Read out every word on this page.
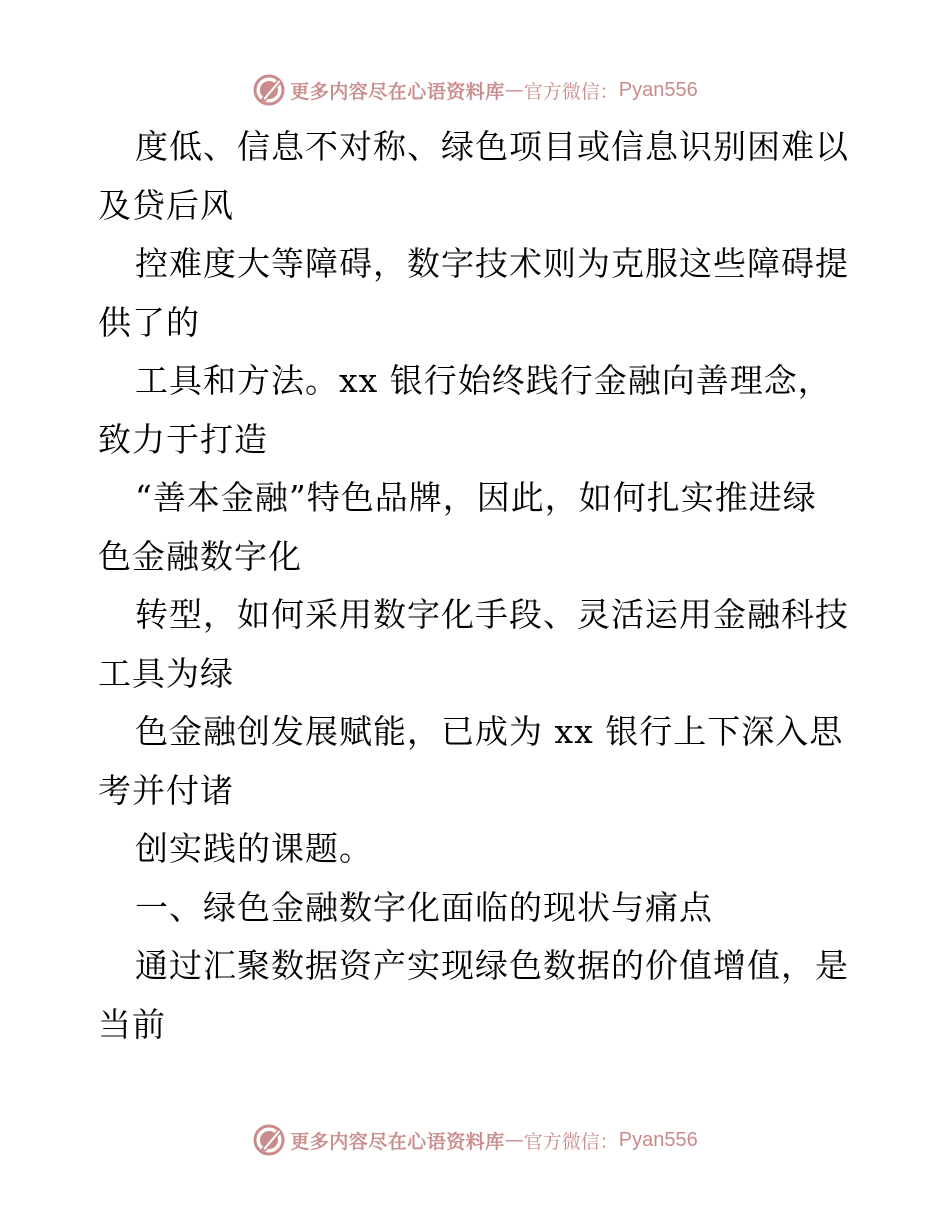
更多内容尽在心语资料库 — 官方微信： Pyan556
度低、信息不对称、绿色项目或信息识别困难以
及贷后风
控难度大等障碍，数字技术则为克服这些障碍提
供了的
工具和方法。xx 银行始终践行金融向善理念，
致力于打造
“善本金融”特色品牌，因此，如何扎实推进绿
色金融数字化
转型，如何采用数字化手段、灵活运用金融科技
工具为绿
色金融创发展赋能，已成为 xx 银行上下深入思
考并付诸
创实践的课题。
一、绿色金融数字化面临的现状与痛点
通过汇聚数据资产实现绿色数据的价值增值，是
当前
更多内容尽在心语资料库 — 官方微信： Pyan556
